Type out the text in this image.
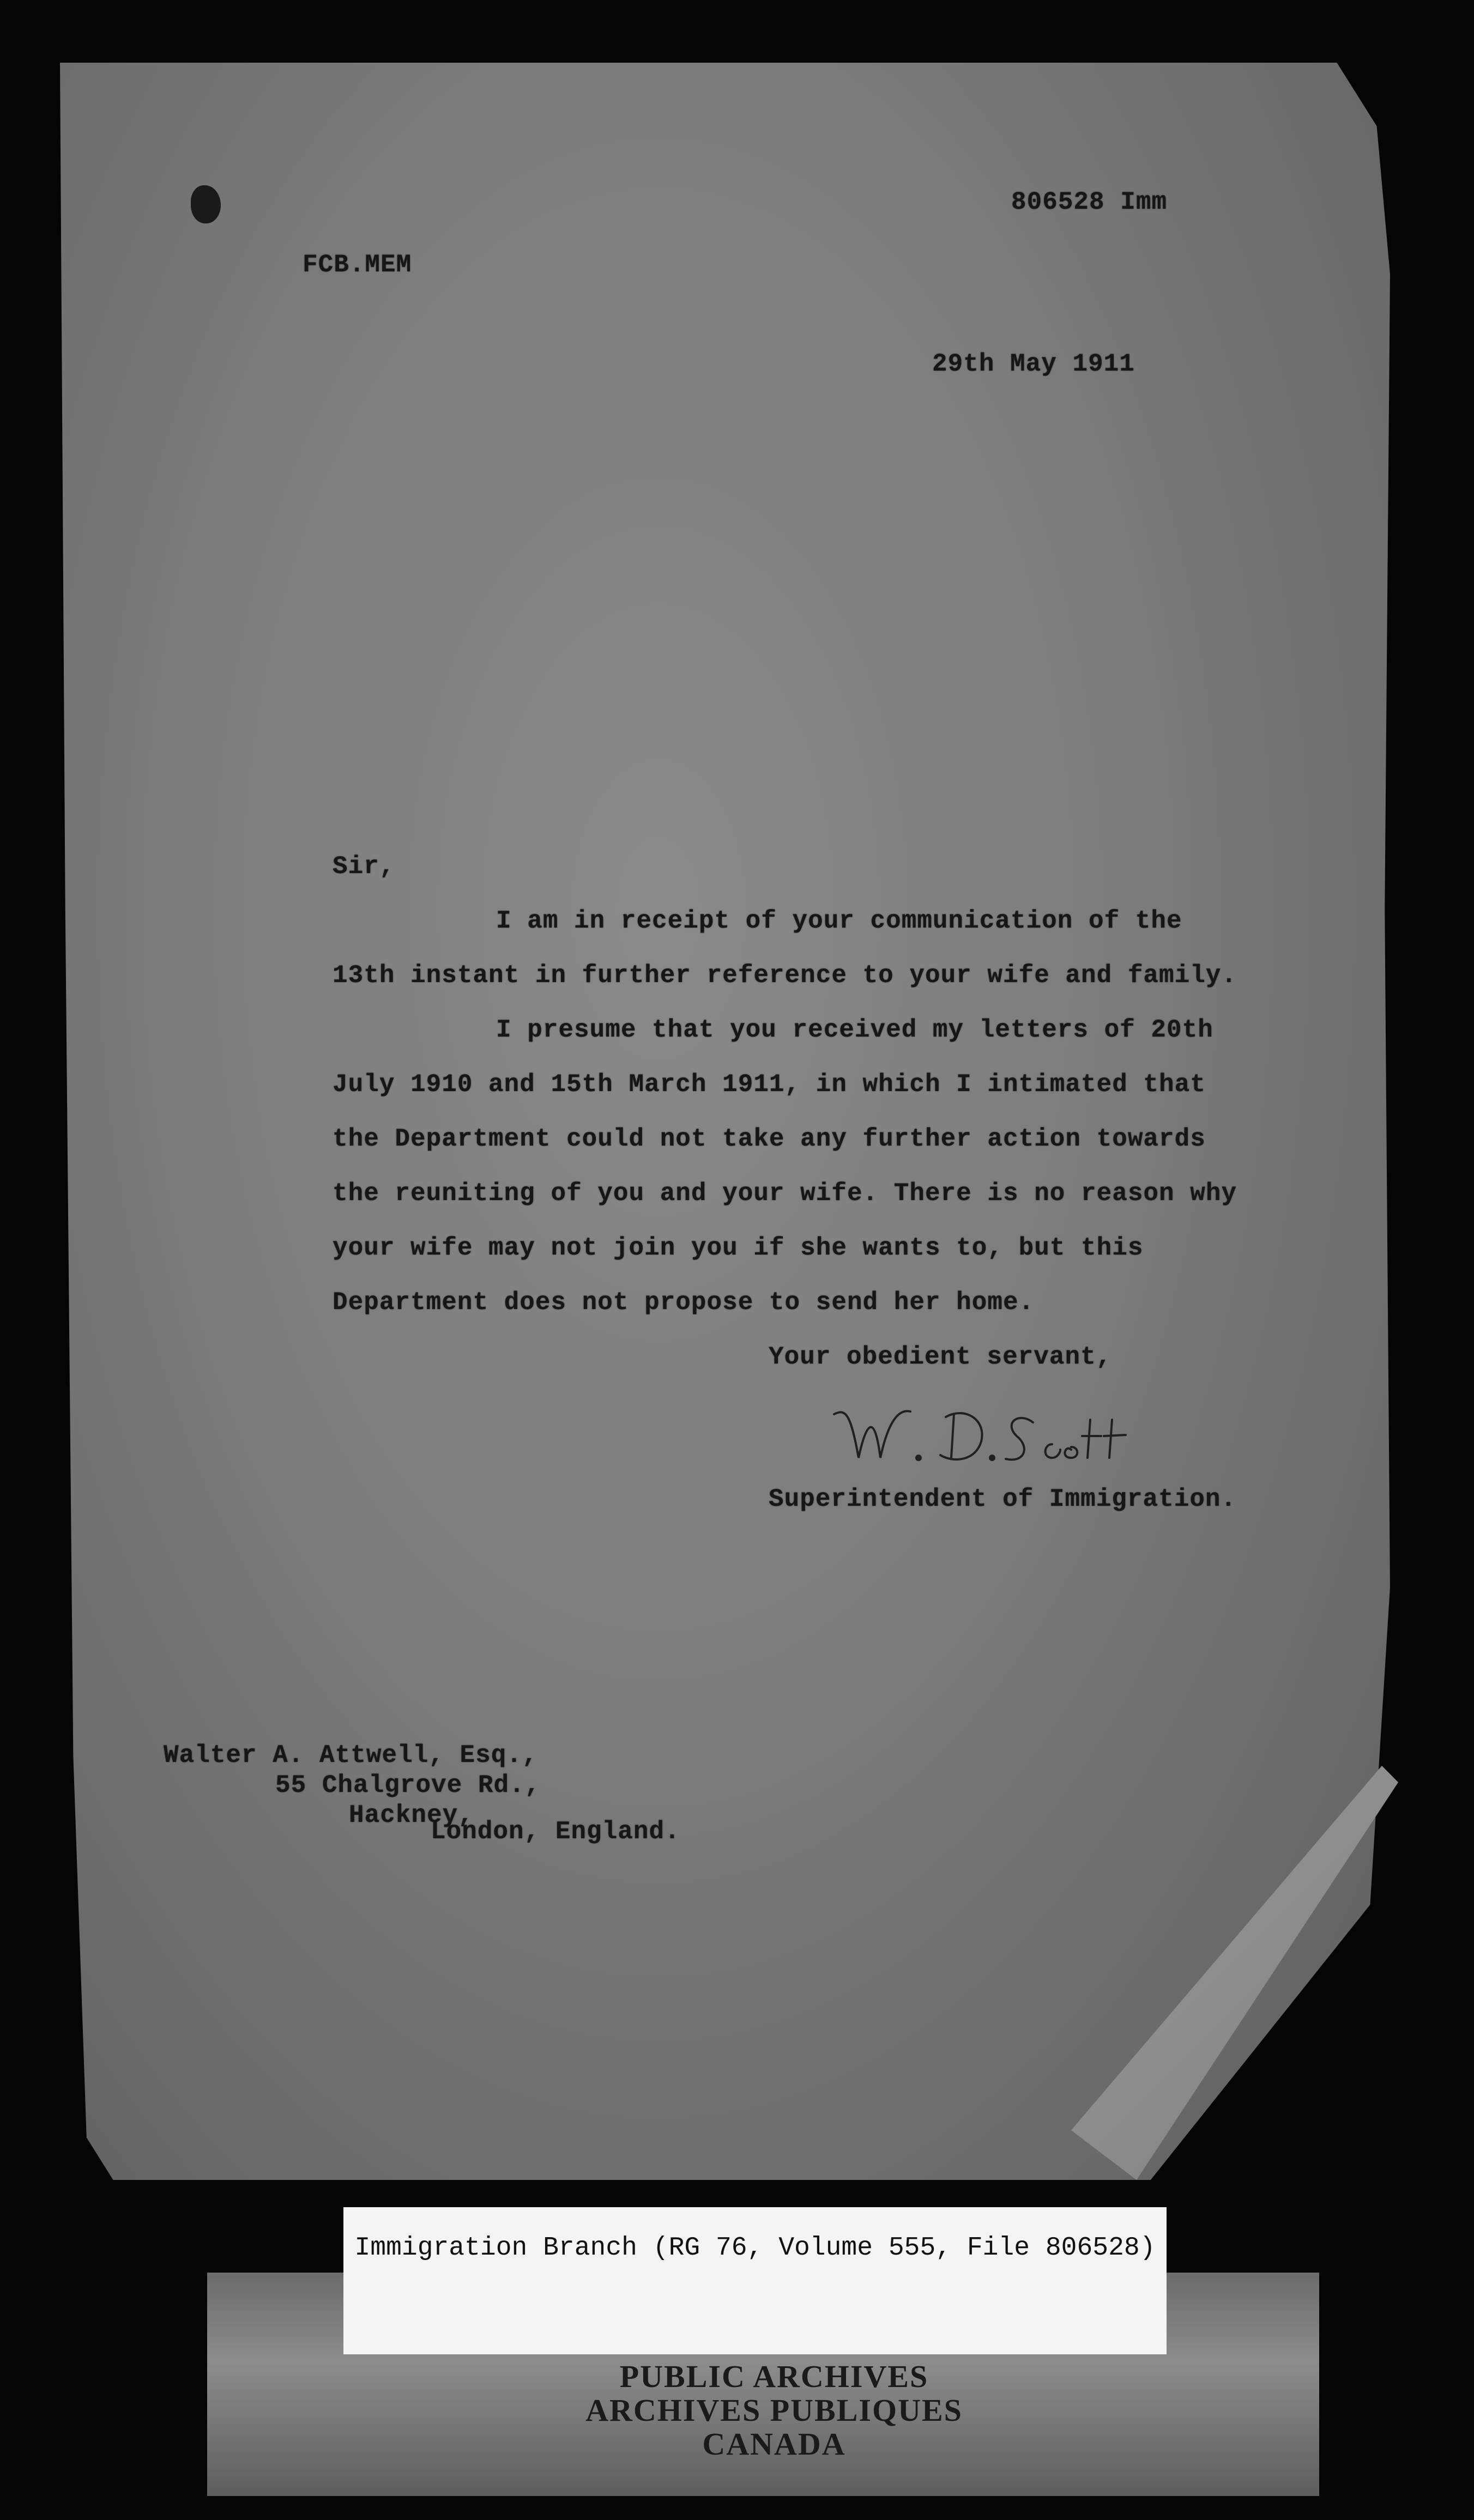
806528 Imm
FCB.MEM
29th May 1911
Sir,
I am in receipt of your communication of the
13th instant in further reference to your wife and family.
I presume that you received my letters of 20th
July 1910 and 15th March 1911, in which I intimated that
the Department could not take any further action towards
the reuniting of you and your wife. There is no reason why
your wife may not join you if she wants to, but this
Department does not propose to send her home.
Your obedient servant,
Superintendent of Immigration.
Walter A. Attwell, Esq.,
55 Chalgrove Rd.,
Hackney,
London, England.
Immigration Branch (RG 76, Volume 555, File 806528)
PUBLIC ARCHIVES
ARCHIVES PUBLIQUES
CANADA
